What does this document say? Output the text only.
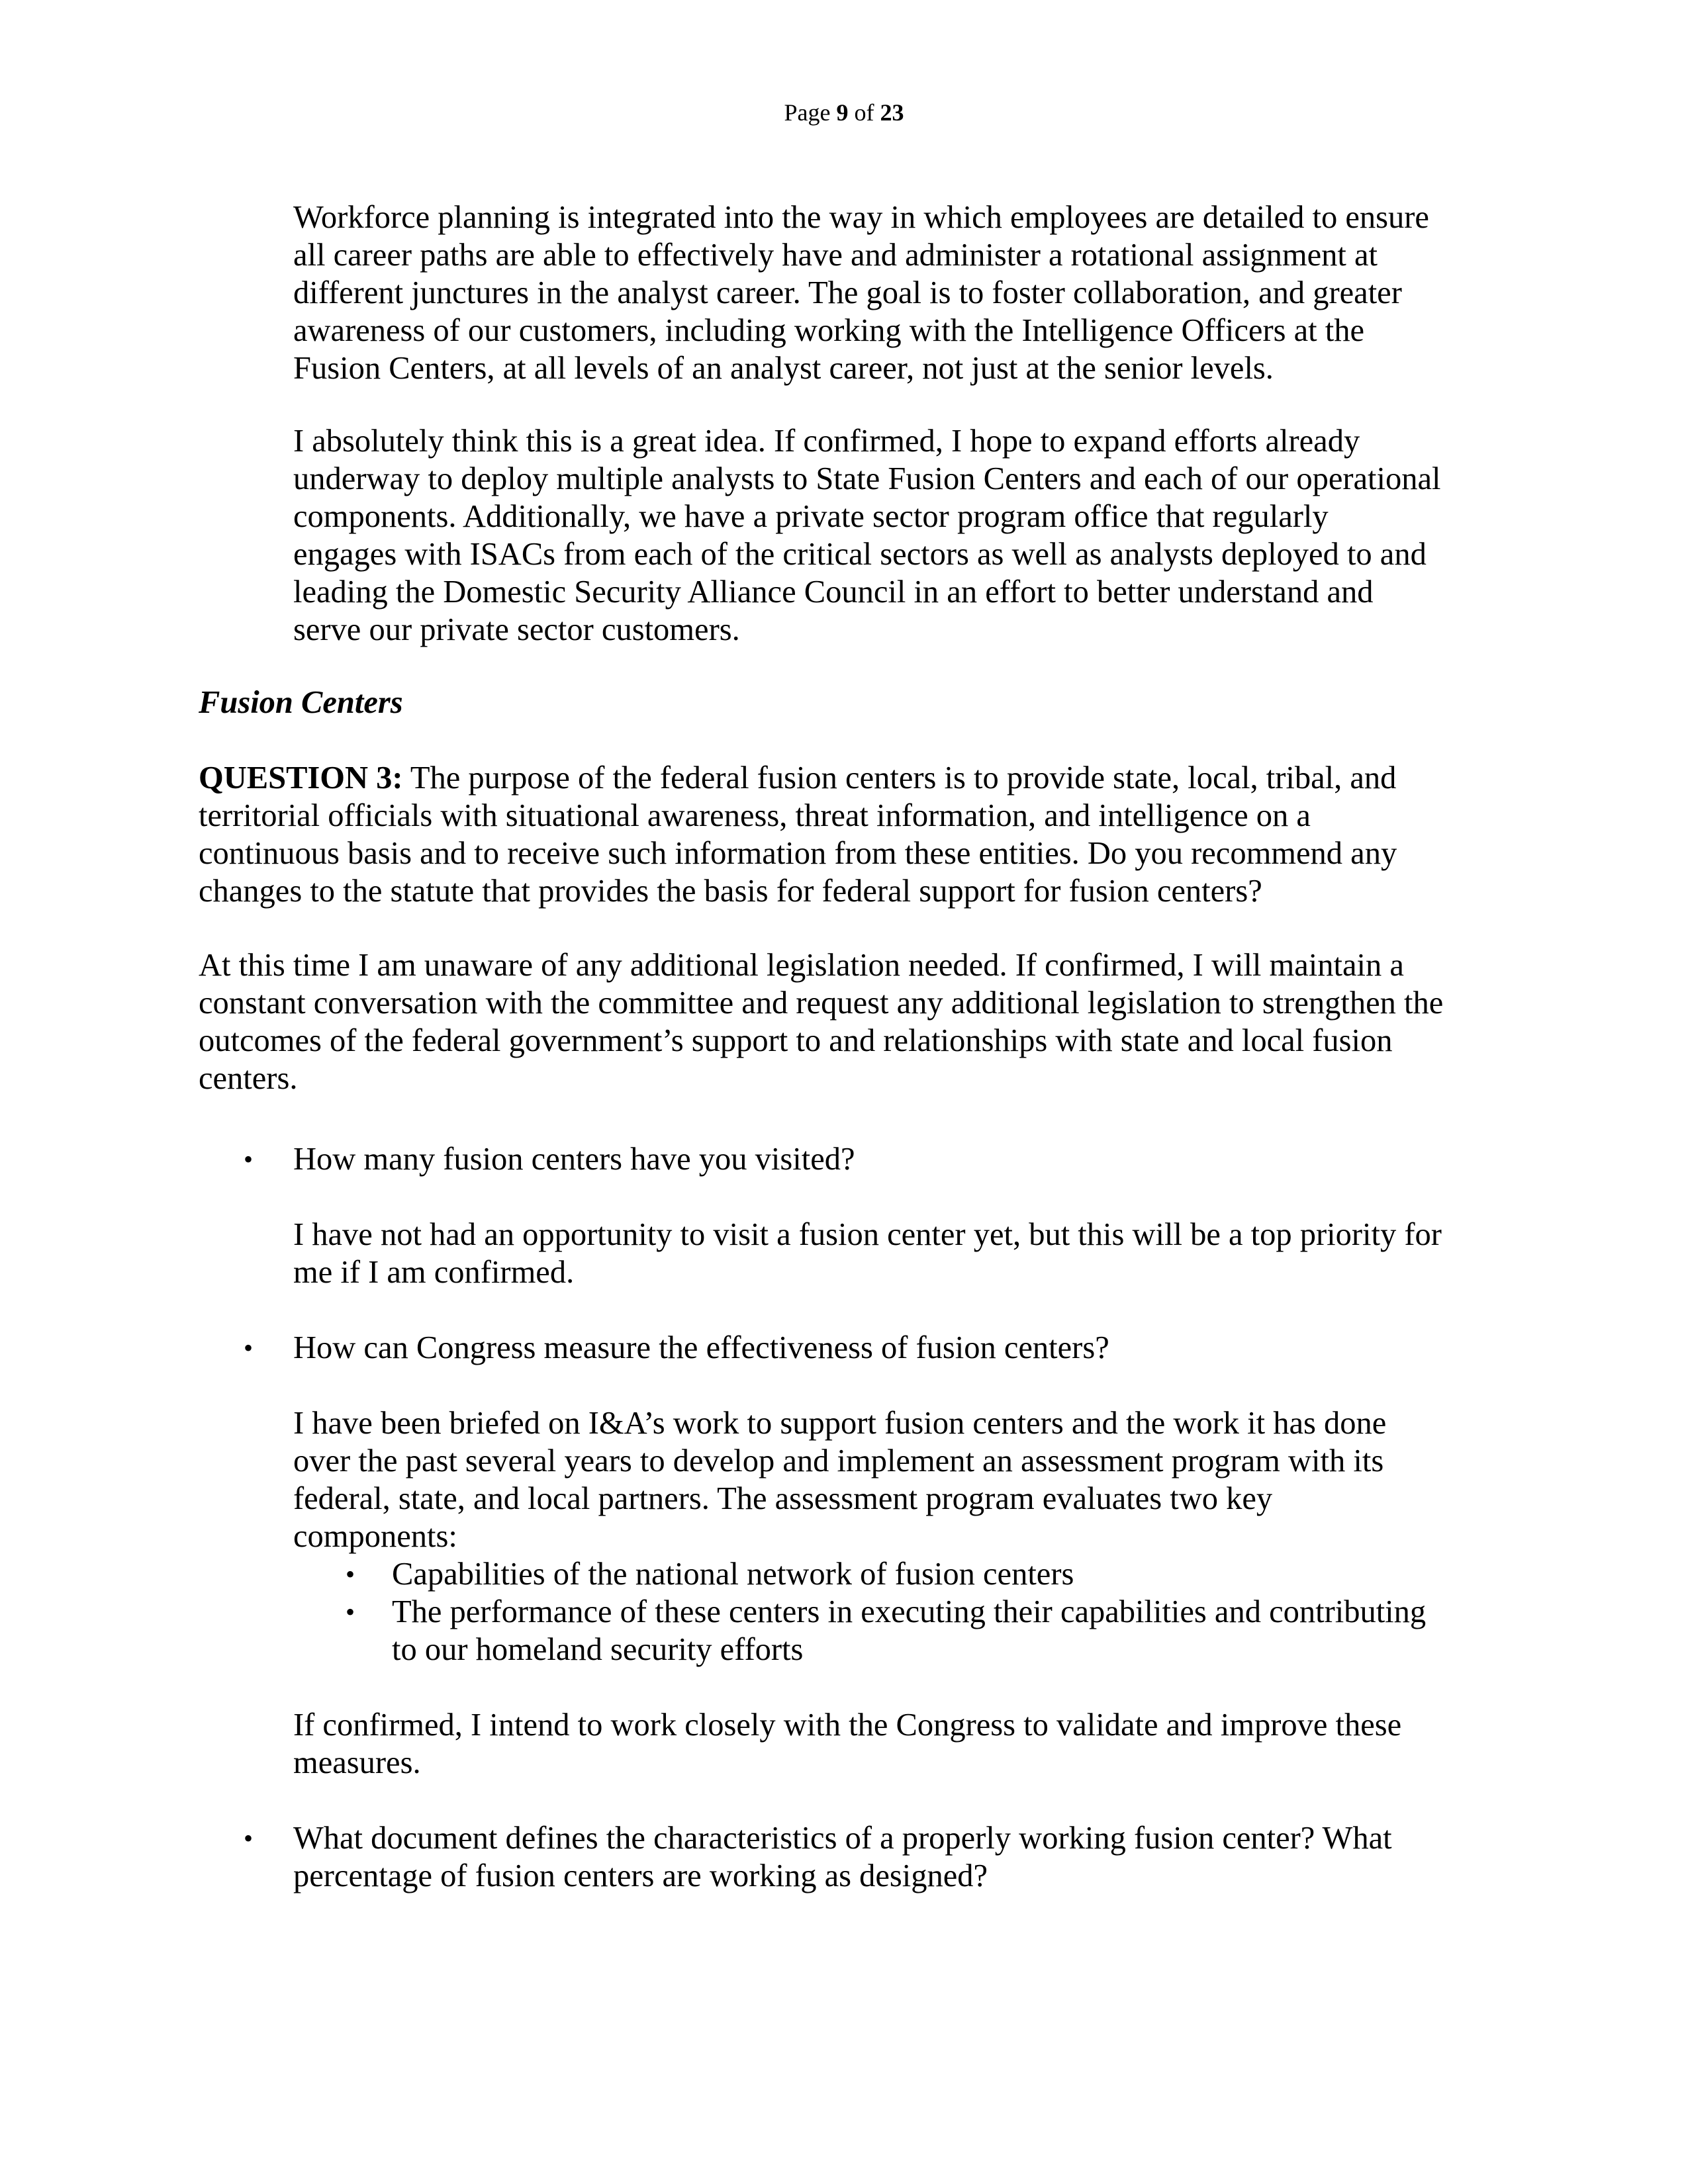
Page 9 of 23
Workforce planning is integrated into the way in which employees are detailed to ensure
all career paths are able to effectively have and administer a rotational assignment at
different junctures in the analyst career. The goal is to foster collaboration, and greater
awareness of our customers, including working with the Intelligence Officers at the
Fusion Centers, at all levels of an analyst career, not just at the senior levels.
I absolutely think this is a great idea. If confirmed, I hope to expand efforts already
underway to deploy multiple analysts to State Fusion Centers and each of our operational
components. Additionally, we have a private sector program office that regularly
engages with ISACs from each of the critical sectors as well as analysts deployed to and
leading the Domestic Security Alliance Council in an effort to better understand and
serve our private sector customers.
Fusion Centers
QUESTION 3: The purpose of the federal fusion centers is to provide state, local, tribal, and
territorial officials with situational awareness, threat information, and intelligence on a
continuous basis and to receive such information from these entities. Do you recommend any
changes to the statute that provides the basis for federal support for fusion centers?
At this time I am unaware of any additional legislation needed. If confirmed, I will maintain a
constant conversation with the committee and request any additional legislation to strengthen the
outcomes of the federal government’s support to and relationships with state and local fusion
centers.
• How many fusion centers have you visited?
I have not had an opportunity to visit a fusion center yet, but this will be a top priority for
me if I am confirmed.
• How can Congress measure the effectiveness of fusion centers?
I have been briefed on I&A’s work to support fusion centers and the work it has done
over the past several years to develop and implement an assessment program with its
federal, state, and local partners. The assessment program evaluates two key
components:
• Capabilities of the national network of fusion centers
• The performance of these centers in executing their capabilities and contributing
to our homeland security efforts
If confirmed, I intend to work closely with the Congress to validate and improve these
measures.
• What document defines the characteristics of a properly working fusion center? What
percentage of fusion centers are working as designed?
